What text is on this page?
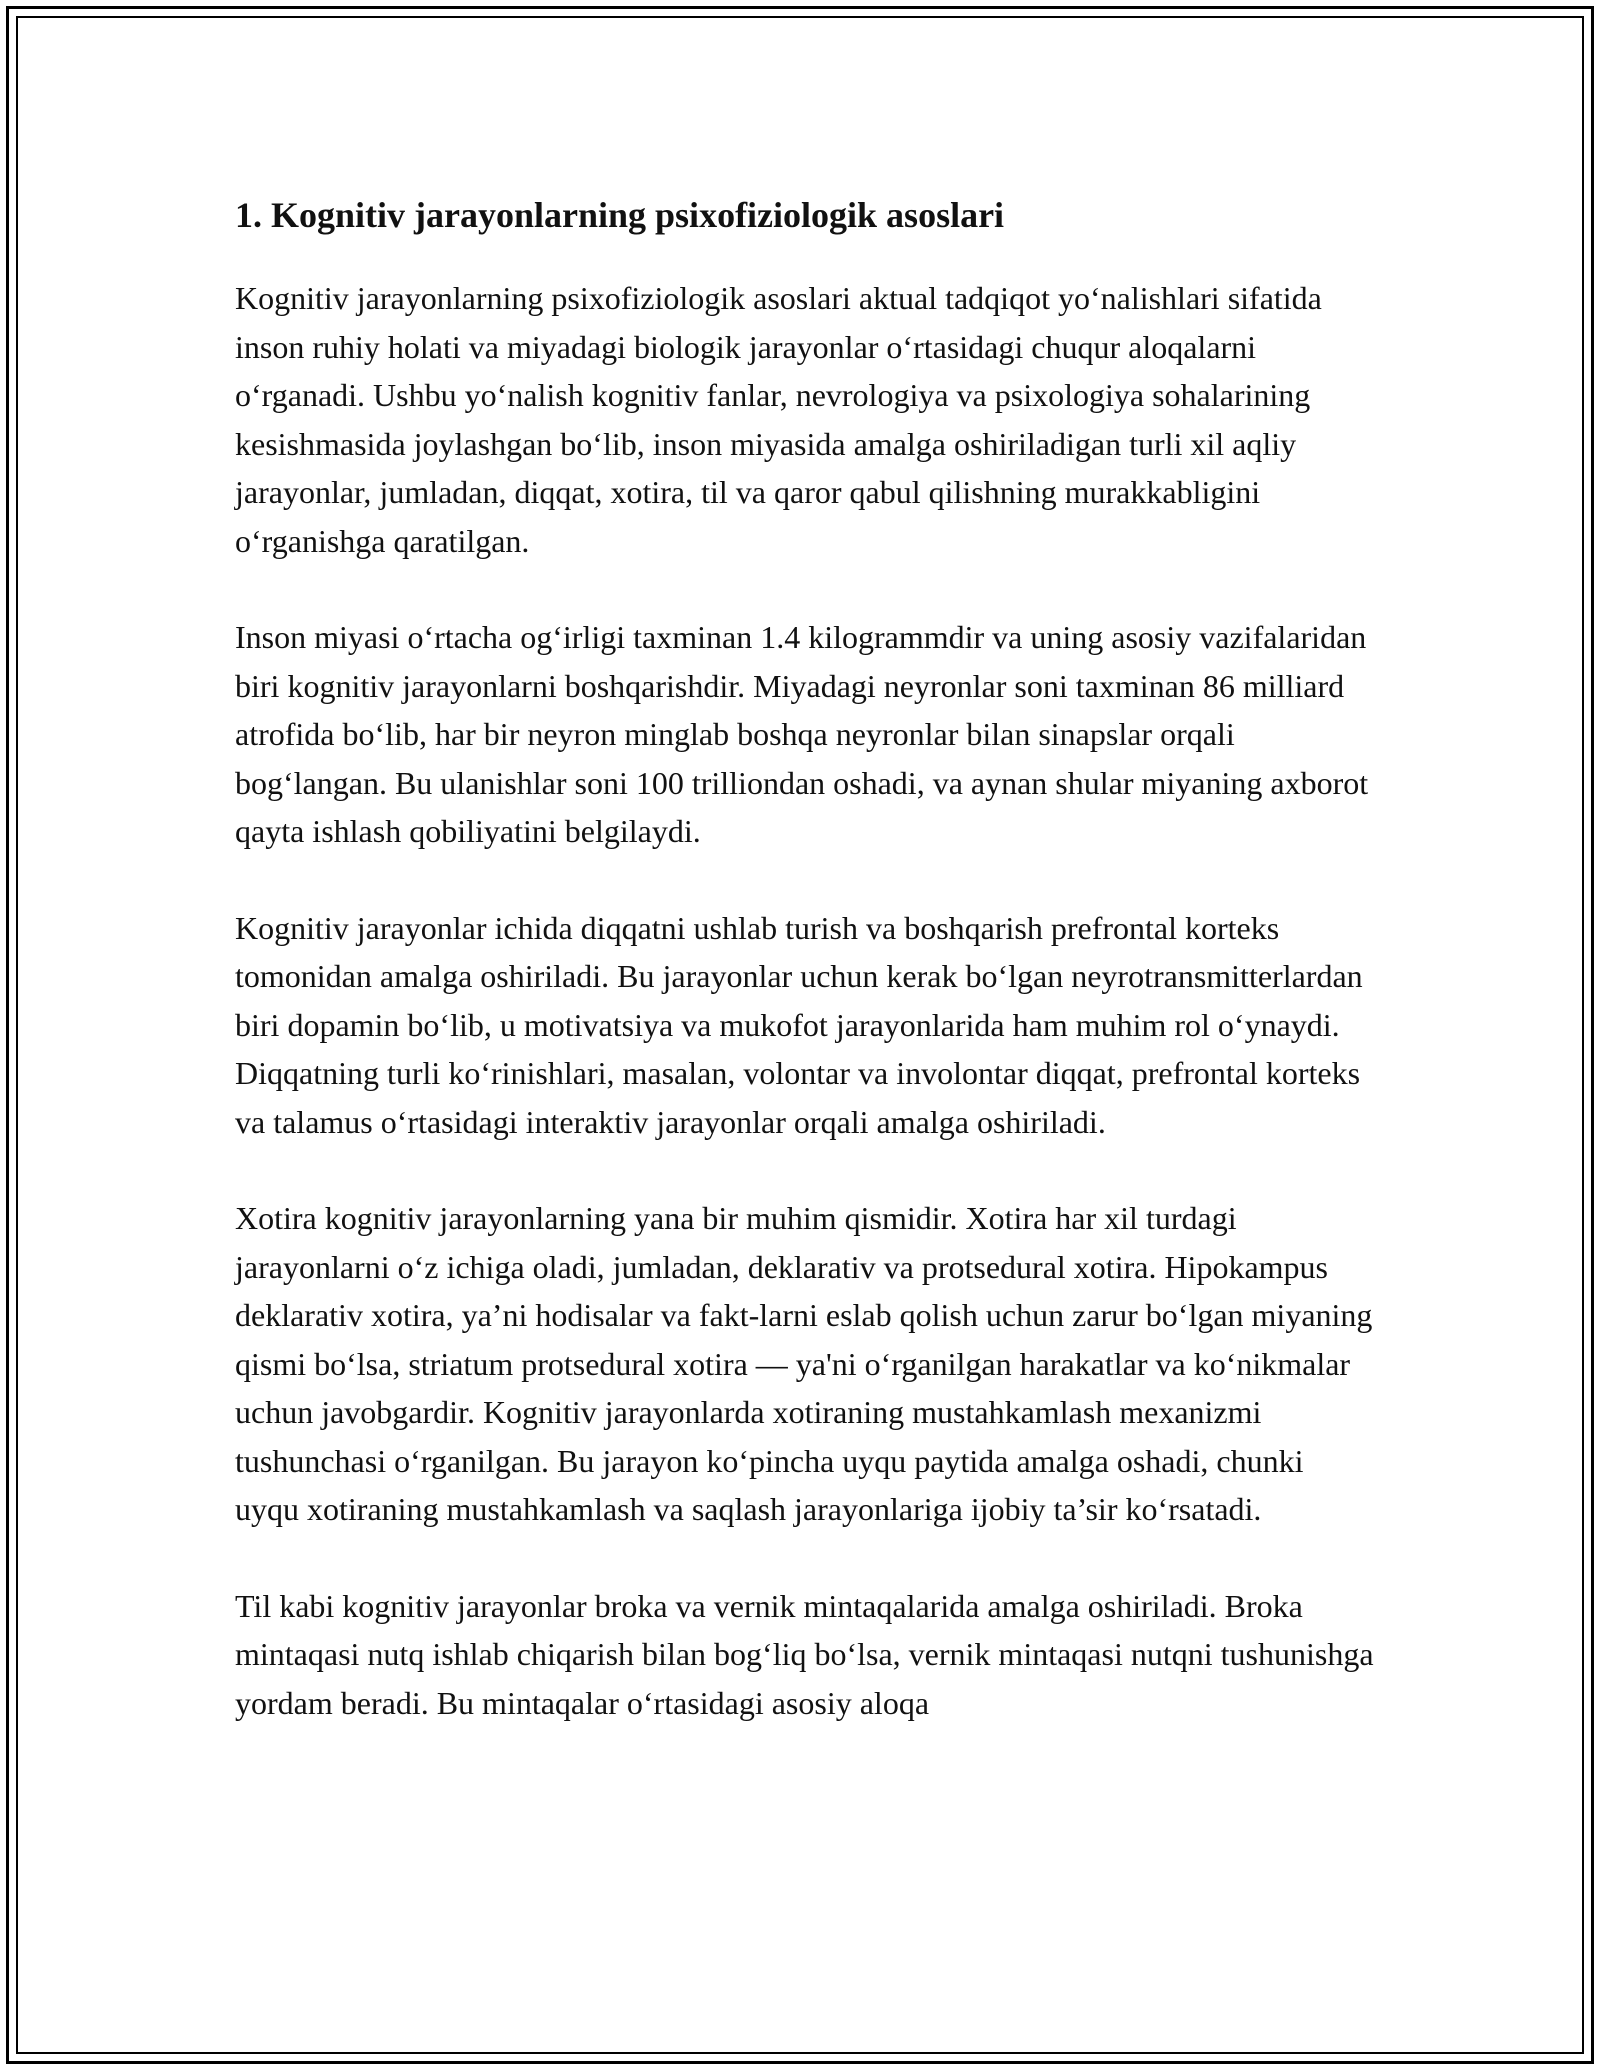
1. Kognitiv jarayonlarning psixofiziologik asoslari

Kognitiv jarayonlarning psixofiziologik asoslari aktual tadqiqot yo‘nalishlari sifatida inson ruhiy holati va miyadagi biologik jarayonlar o‘rtasidagi chuqur aloqalarni o‘rganadi. Ushbu yo‘nalish kognitiv fanlar, nevrologiya va psixologiya sohalarining kesishmasida joylashgan bo‘lib, inson miyasida amalga oshiriladigan turli xil aqliy jarayonlar, jumladan, diqqat, xotira, til va qaror qabul qilishning murakkabligini o‘rganishga qaratilgan.

Inson miyasi o‘rtacha og‘irligi taxminan 1.4 kilogrammdir va uning asosiy vazifalaridan biri kognitiv jarayonlarni boshqarishdir. Miyadagi neyronlar soni taxminan 86 milliard atrofida bo‘lib, har bir neyron minglab boshqa neyronlar bilan sinapslar orqali bog‘langan. Bu ulanishlar soni 100 trilliondan oshadi, va aynan shular miyaning axborot qayta ishlash qobiliyatini belgilaydi.

Kognitiv jarayonlar ichida diqqatni ushlab turish va boshqarish prefrontal korteks tomonidan amalga oshiriladi. Bu jarayonlar uchun kerak bo‘lgan neyrotransmitterlardan biri dopamin bo‘lib, u motivatsiya va mukofot jarayonlarida ham muhim rol o‘ynaydi. Diqqatning turli ko‘rinishlari, masalan, volontar va involontar diqqat, prefrontal korteks va talamus o‘rtasidagi interaktiv jarayonlar orqali amalga oshiriladi.

Xotira kognitiv jarayonlarning yana bir muhim qismidir. Xotira har xil turdagi jarayonlarni o‘z ichiga oladi, jumladan, deklarativ va protsedural xotira. Hipokampus deklarativ xotira, ya’ni hodisalar va fakt-larni eslab qolish uchun zarur bo‘lgan miyaning qismi bo‘lsa, striatum protsedural xotira — ya'ni o‘rganilgan harakatlar va ko‘nikmalar uchun javobgardir. Kognitiv jarayonlarda xotiraning mustahkamlash mexanizmi tushunchasi o‘rganilgan. Bu jarayon ko‘pincha uyqu paytida amalga oshadi, chunki uyqu xotiraning mustahkamlash va saqlash jarayonlariga ijobiy ta’sir ko‘rsatadi.

Til kabi kognitiv jarayonlar broka va vernik mintaqalarida amalga oshiriladi. Broka mintaqasi nutq ishlab chiqarish bilan bog‘liq bo‘lsa, vernik mintaqasi nutqni tushunishga yordam beradi. Bu mintaqalar o‘rtasidagi asosiy aloqa
